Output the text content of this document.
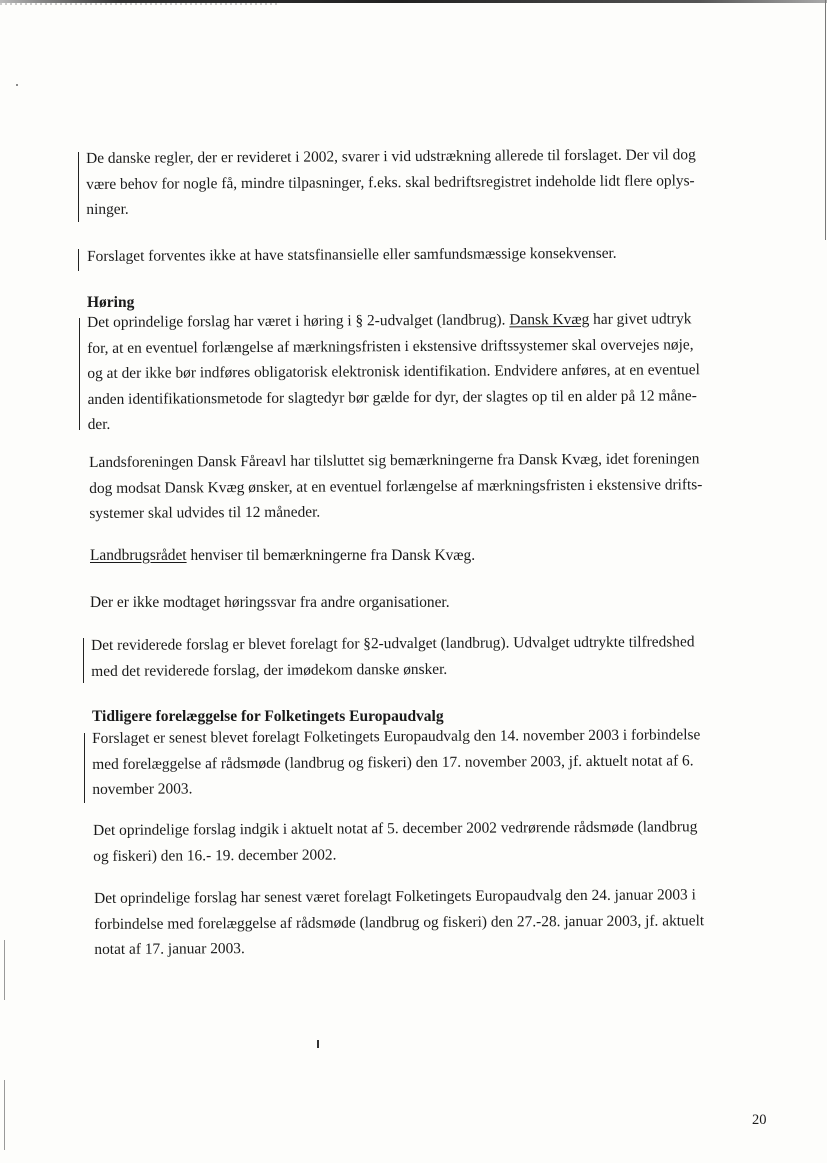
De danske regler, der er revideret i 2002, svarer i vid udstrækning allerede til forslaget. Der vil dog
være behov for nogle få, mindre tilpasninger, f.eks. skal bedriftsregistret indeholde lidt flere oplys-
ninger.
Forslaget forventes ikke at have statsfinansielle eller samfundsmæssige konsekvenser.
Høring
Det oprindelige forslag har været i høring i § 2-udvalget (landbrug). Dansk Kvæg har givet udtryk
for, at en eventuel forlængelse af mærkningsfristen i ekstensive driftssystemer skal overvejes nøje,
og at der ikke bør indføres obligatorisk elektronisk identifikation. Endvidere anføres, at en eventuel
anden identifikationsmetode for slagtedyr bør gælde for dyr, der slagtes op til en alder på 12 måne-
der.
Landsforeningen Dansk Fåreavl har tilsluttet sig bemærkningerne fra Dansk Kvæg, idet foreningen
dog modsat Dansk Kvæg ønsker, at en eventuel forlængelse af mærkningsfristen i ekstensive drifts-
systemer skal udvides til 12 måneder.
Landbrugsrådet henviser til bemærkningerne fra Dansk Kvæg.
Der er ikke modtaget høringssvar fra andre organisationer.
Det reviderede forslag er blevet forelagt for §2-udvalget (landbrug). Udvalget udtrykte tilfredshed
med det reviderede forslag, der imødekom danske ønsker.
Tidligere forelæggelse for Folketingets Europaudvalg
Forslaget er senest blevet forelagt Folketingets Europaudvalg den 14. november 2003 i forbindelse
med forelæggelse af rådsmøde (landbrug og fiskeri) den 17. november 2003, jf. aktuelt notat af 6.
november 2003.
Det oprindelige forslag indgik i aktuelt notat af 5. december 2002 vedrørende rådsmøde (landbrug
og fiskeri) den 16.- 19. december 2002.
Det oprindelige forslag har senest været forelagt Folketingets Europaudvalg den 24. januar 2003 i
forbindelse med forelæggelse af rådsmøde (landbrug og fiskeri) den 27.-28. januar 2003, jf. aktuelt
notat af 17. januar 2003.
20
